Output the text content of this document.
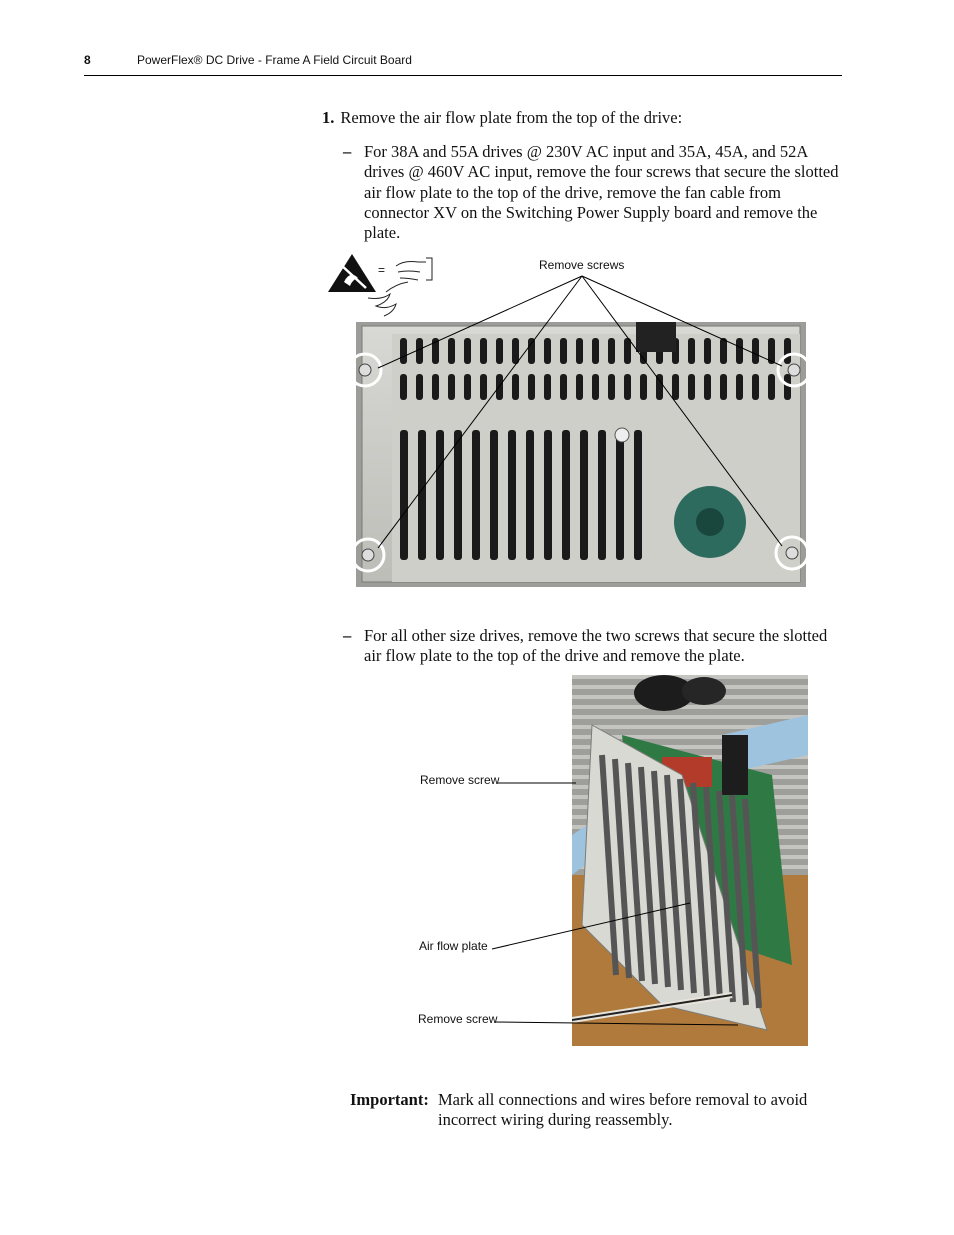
8	PowerFlex® DC Drive - Frame A Field Circuit Board
1. Remove the air flow plate from the top of the drive:
– For 38A and 55A drives @ 230V AC input and 35A, 45A, and 52A drives @ 460V AC input, remove the four screws that secure the slotted air flow plate to the top of the drive, remove the fan cable from connector XV on the Switching Power Supply board and remove the plate.
=	Remove screws
– For all other size drives, remove the two screws that secure the slotted air flow plate to the top of the drive and remove the plate.
Remove screw
Air flow plate
Remove screw
Important: Mark all connections and wires before removal to avoid incorrect wiring during reassembly.
